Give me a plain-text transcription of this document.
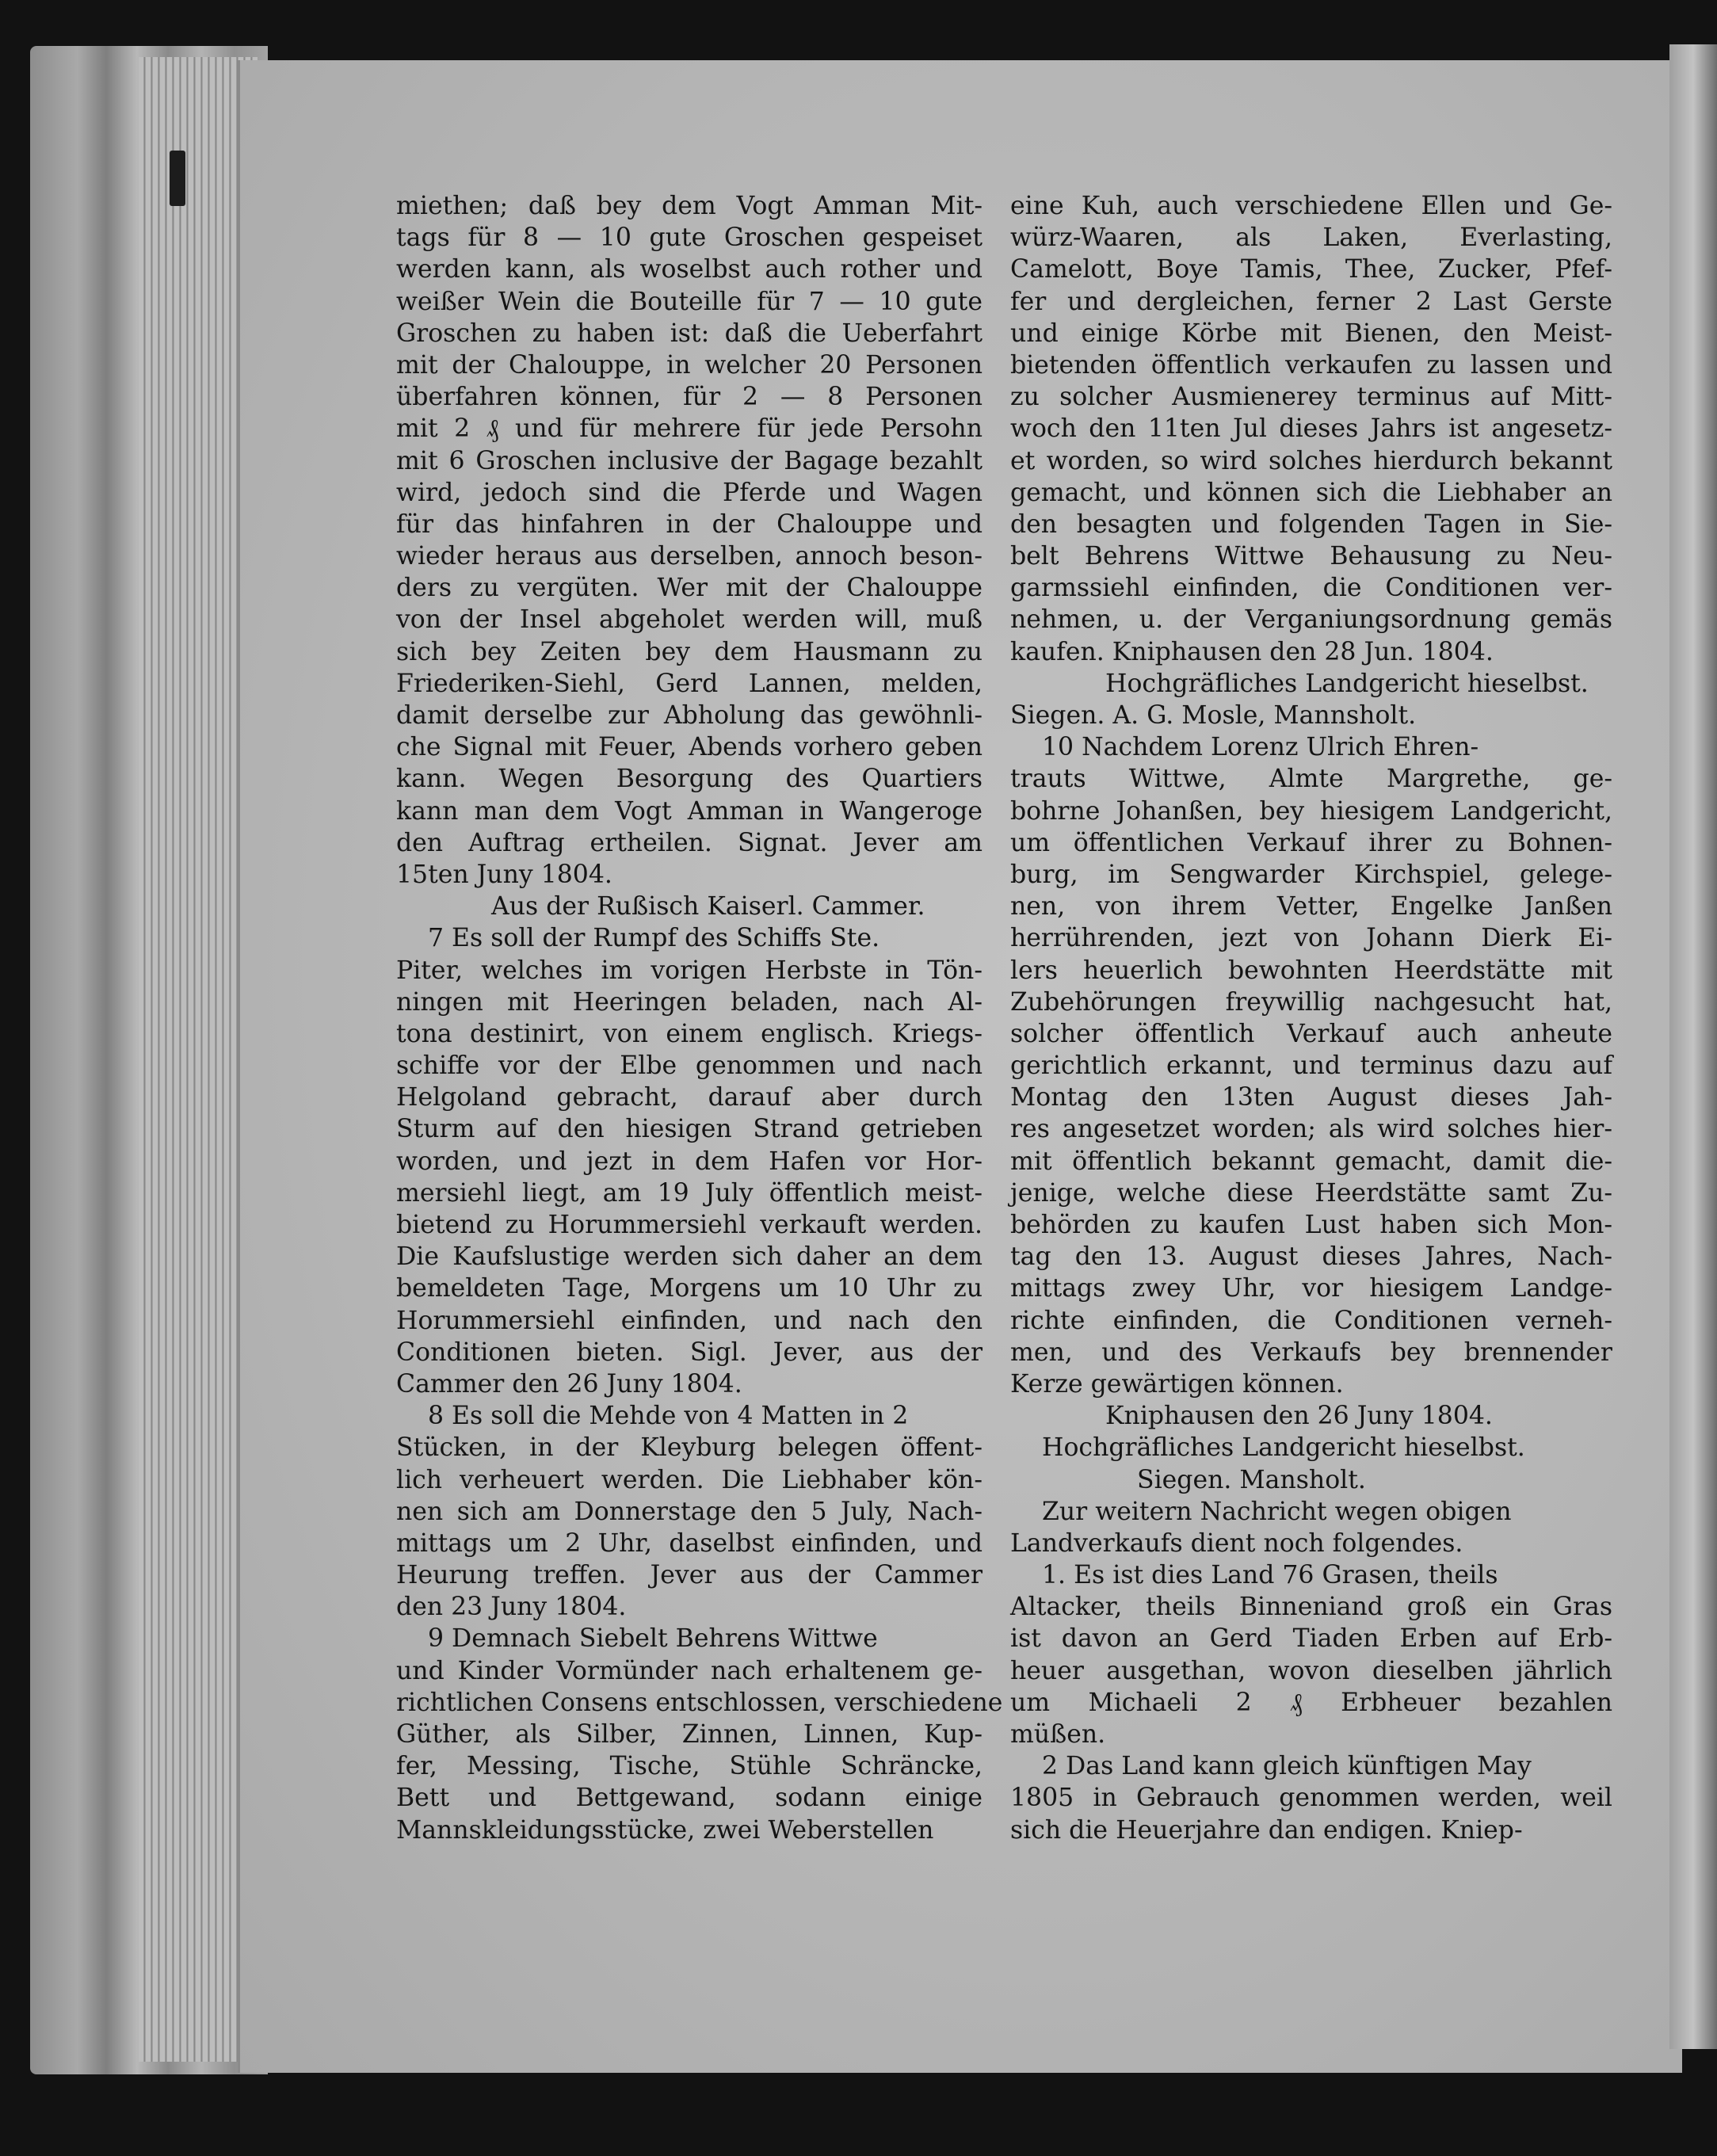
miethen; daß bey dem Vogt Amman Mit-
tags für 8 — 10 gute Groschen gespeiset
werden kann, als woselbst auch rother und
weißer Wein die Bouteille für 7 — 10 gute
Groschen zu haben ist: daß die Ueberfahrt
mit der Chalouppe, in welcher 20 Personen
überfahren können, für 2 — 8 Personen
mit 2 ₰ und für mehrere für jede Persohn
mit 6 Groschen inclusive der Bagage bezahlt
wird, jedoch sind die Pferde und Wagen
für das hinfahren in der Chalouppe und
wieder heraus aus derselben, annoch beson-
ders zu vergüten. Wer mit der Chalouppe
von der Insel abgeholet werden will, muß
sich bey Zeiten bey dem Hausmann zu
Friederiken-Siehl, Gerd Lannen, melden,
damit derselbe zur Abholung das gewöhnli-
che Signal mit Feuer, Abends vorhero geben
kann. Wegen Besorgung des Quartiers
kann man dem Vogt Amman in Wangeroge
den Auftrag ertheilen. Signat. Jever am
15ten Juny 1804.
Aus der Rußisch Kaiserl. Cammer.
7 Es soll der Rumpf des Schiffs Ste.
Piter, welches im vorigen Herbste in Tön-
ningen mit Heeringen beladen, nach Al-
tona destinirt, von einem englisch. Kriegs-
schiffe vor der Elbe genommen und nach
Helgoland gebracht, darauf aber durch
Sturm auf den hiesigen Strand getrieben
worden, und jezt in dem Hafen vor Hor-
mersiehl liegt, am 19 July öffentlich meist-
bietend zu Horummersiehl verkauft werden.
Die Kaufslustige werden sich daher an dem
bemeldeten Tage, Morgens um 10 Uhr zu
Horummersiehl einfinden, und nach den
Conditionen bieten. Sigl. Jever, aus der
Cammer den 26 Juny 1804.
8 Es soll die Mehde von 4 Matten in 2
Stücken, in der Kleyburg belegen öffent-
lich verheuert werden. Die Liebhaber kön-
nen sich am Donnerstage den 5 July, Nach-
mittags um 2 Uhr, daselbst einfinden, und
Heurung treffen. Jever aus der Cammer
den 23 Juny 1804.
9 Demnach Siebelt Behrens Wittwe
und Kinder Vormünder nach erhaltenem ge-
richtlichen Consens entschlossen, verschiedene
Güther, als Silber, Zinnen, Linnen, Kup-
fer, Messing, Tische, Stühle Schräncke,
Bett und Bettgewand, sodann einige
Mannskleidungsstücke, zwei Weberstellen
eine Kuh, auch verschiedene Ellen und Ge-
würz-Waaren, als Laken, Everlasting,
Camelott, Boye Tamis, Thee, Zucker, Pfef-
fer und dergleichen, ferner 2 Last Gerste
und einige Körbe mit Bienen, den Meist-
bietenden öffentlich verkaufen zu lassen und
zu solcher Ausmienerey terminus auf Mitt-
woch den 11ten Jul dieses Jahrs ist angesetz-
et worden, so wird solches hierdurch bekannt
gemacht, und können sich die Liebhaber an
den besagten und folgenden Tagen in Sie-
belt Behrens Wittwe Behausung zu Neu-
garmssiehl einfinden, die Conditionen ver-
nehmen, u. der Verganiungsordnung gemäs
kaufen. Kniphausen den 28 Jun. 1804.
Hochgräfliches Landgericht hieselbst.
Siegen. A. G. Mosle, Mannsholt.
10 Nachdem Lorenz Ulrich Ehren-
trauts Wittwe, Almte Margrethe, ge-
bohrne Johanßen, bey hiesigem Landgericht,
um öffentlichen Verkauf ihrer zu Bohnen-
burg, im Sengwarder Kirchspiel, gelege-
nen, von ihrem Vetter, Engelke Janßen
herrührenden, jezt von Johann Dierk Ei-
lers heuerlich bewohnten Heerdstätte mit
Zubehörungen freywillig nachgesucht hat,
solcher öffentlich Verkauf auch anheute
gerichtlich erkannt, und terminus dazu auf
Montag den 13ten August dieses Jah-
res angesetzet worden; als wird solches hier-
mit öffentlich bekannt gemacht, damit die-
jenige, welche diese Heerdstätte samt Zu-
behörden zu kaufen Lust haben sich Mon-
tag den 13. August dieses Jahres, Nach-
mittags zwey Uhr, vor hiesigem Landge-
richte einfinden, die Conditionen verneh-
men, und des Verkaufs bey brennender
Kerze gewärtigen können.
Kniphausen den 26 Juny 1804.
Hochgräfliches Landgericht hieselbst.
Siegen. Mansholt.
Zur weitern Nachricht wegen obigen
Landverkaufs dient noch folgendes.
1. Es ist dies Land 76 Grasen, theils
Altacker, theils Binneniand groß ein Gras
ist davon an Gerd Tiaden Erben auf Erb-
heuer ausgethan, wovon dieselben jährlich
um Michaeli 2 ₰ Erbheuer bezahlen
müßen.
2 Das Land kann gleich künftigen May
1805 in Gebrauch genommen werden, weil
sich die Heuerjahre dan endigen. Kniep-
